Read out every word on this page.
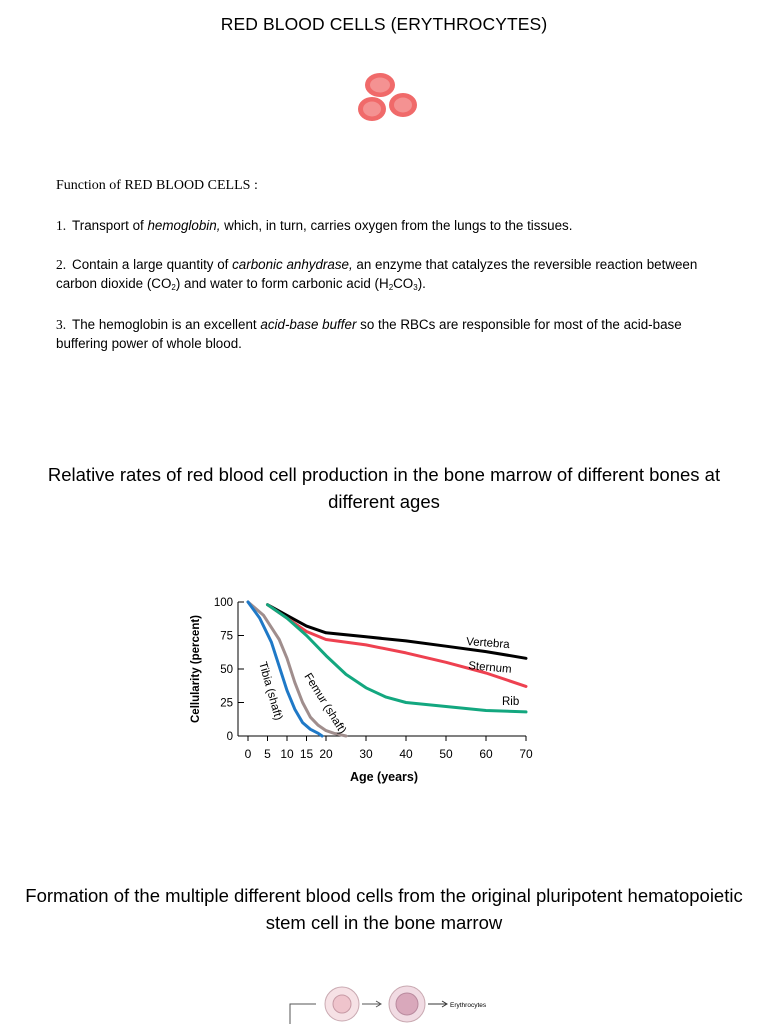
RED BLOOD CELLS (ERYTHROCYTES)
Function of RED BLOOD CELLS :
1. Transport of hemoglobin, which, in turn, carries oxygen from the lungs to the tissues.
2. Contain a large quantity of carbonic anhydrase, an enzyme that catalyzes the reversible reaction between carbon dioxide $(CO_2)$ and water to form carbonic acid $(H_2CO_3)$.
3. The hemoglobin is an excellent acid-base buffer so the RBCs are responsible for most of the acid-base buffering power of whole blood.
Relative rates of red blood cell production in the bone marrow of different bones at different ages
0
25
50
75
100
0 5 10 15 20 30 40 50 60 70
Age (years)
Cellularity (percent)	Vertebra
Sternum
Rib
Femur (shaft)
Tibia (shaft)
Formation of the multiple different blood cells from the original pluripotent hematopoietic stem cell in the bone marrow
Erythrocytes
